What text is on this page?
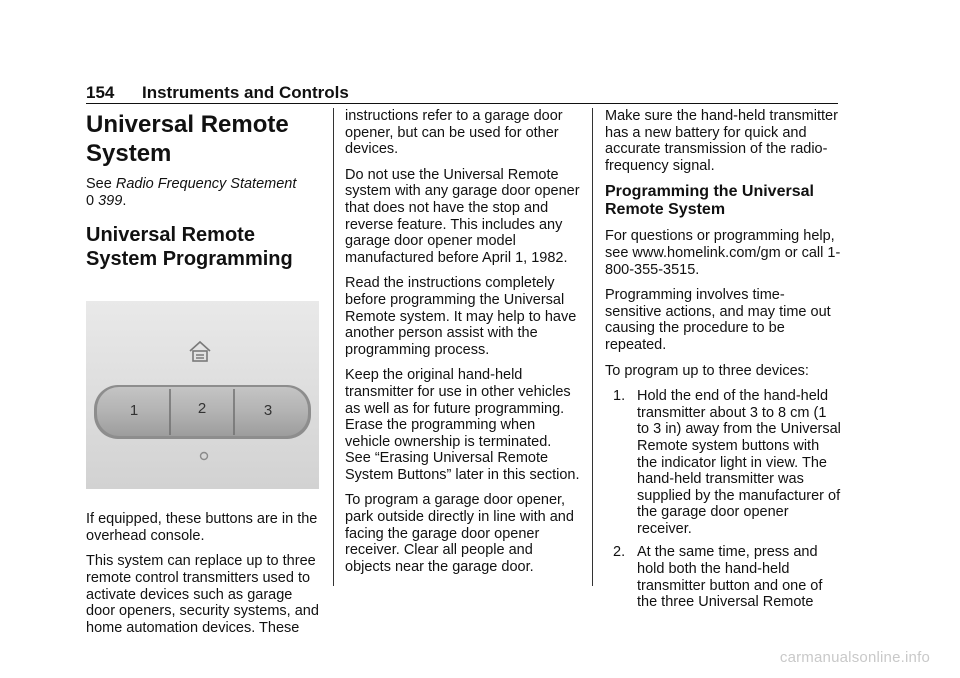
154 Instruments and Controls
Universal Remote System

See Radio Frequency Statement
0 399.

Universal Remote System Programming
1	2	3

If equipped, these buttons are in the overhead console.

This system can replace up to three remote control transmitters used to activate devices such as garage door openers, security systems, and home automation devices. These

instructions refer to a garage door opener, but can be used for other devices.

Do not use the Universal Remote system with any garage door opener that does not have the stop and reverse feature. This includes any garage door opener model manufactured before April 1, 1982.

Read the instructions completely before programming the Universal Remote system. It may help to have another person assist with the programming process.

Keep the original hand-held transmitter for use in other vehicles as well as for future programming. Erase the programming when vehicle ownership is terminated. See “Erasing Universal Remote System Buttons” later in this section.

To program a garage door opener, park outside directly in line with and facing the garage door opener receiver. Clear all people and objects near the garage door.

Make sure the hand-held transmitter has a new battery for quick and accurate transmission of the radio-frequency signal.

Programming the Universal Remote System

For questions or programming help, see www.homelink.com/gm or call 1-800-355-3515.

Programming involves time-sensitive actions, and may time out causing the procedure to be repeated.

To program up to three devices:

1. Hold the end of the hand-held transmitter about 3 to 8 cm (1 to 3 in) away from the Universal Remote system buttons with the indicator light in view. The hand-held transmitter was supplied by the manufacturer of the garage door opener receiver.
2. At the same time, press and hold both the hand-held transmitter button and one of the three Universal Remote
carmanualsonline.info
